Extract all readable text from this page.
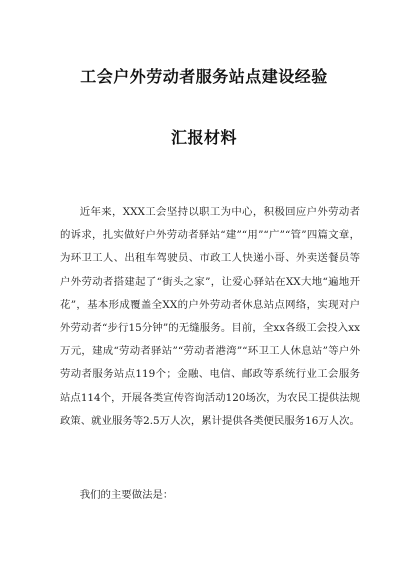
工会户外劳动者服务站点建设经验
汇报材料

近年来，XXX工会坚持以职工为中心，积极回应户外劳动者的诉求，扎实做好户外劳动者驿站“建”“用”“广”“管”四篇文章，为环卫工人、出租车驾驶员、市政工人快递小哥、外卖送餐员等户外劳动者搭建起了“街头之家”，让爱心驿站在XX大地“遍地开花”，基本形成覆盖全XX的户外劳动者休息站点网络，实现对户外劳动者“步行15分钟”的无缝服务。目前，全xx各级工会投入xx万元，建成“劳动者驿站”“劳动者港湾”“环卫工人休息站”等户外劳动者服务站点119个；金融、电信、邮政等系统行业工会服务站点114个，开展各类宣传咨询活动120场次，为农民工提供法规政策、就业服务等2.5万人次，累计提供各类便民服务16万人次。

我们的主要做法是：
